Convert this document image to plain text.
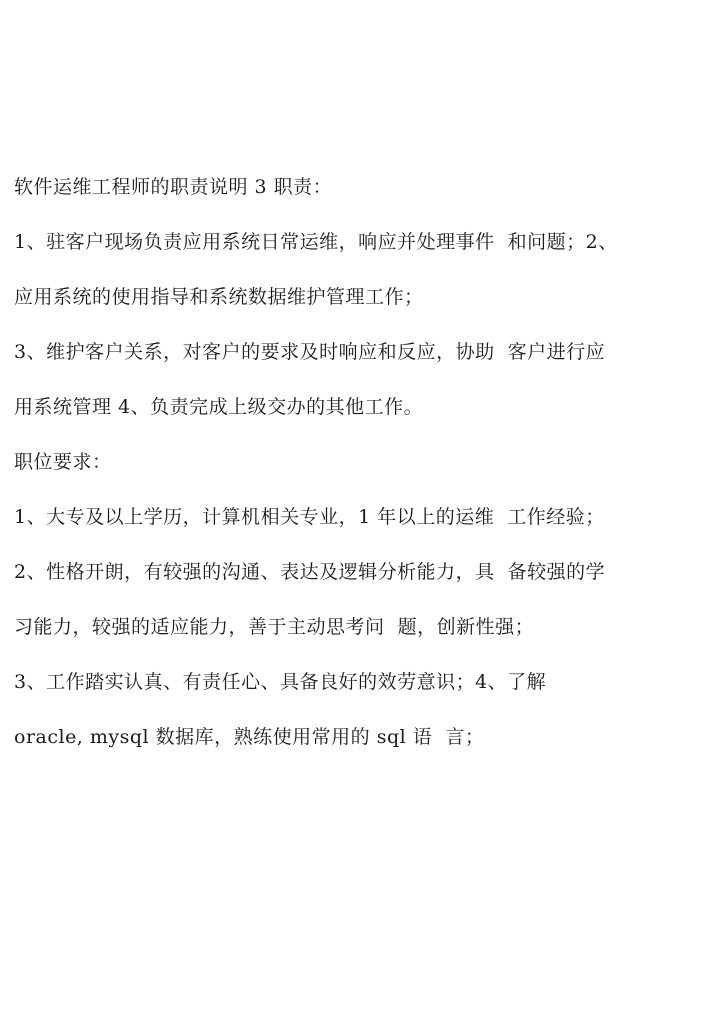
软件运维工程师的职责说明 3 职责：
1、驻客户现场负责应用系统日常运维，响应并处理事件  和问题；2、
应用系统的使用指导和系统数据维护管理工作；
3、维护客户关系，对客户的要求及时响应和反应，协助  客户进行应
用系统管理 4、负责完成上级交办的其他工作。
职位要求：
1、大专及以上学历，计算机相关专业，1 年以上的运维  工作经验；
2、性格开朗，有较强的沟通、表达及逻辑分析能力，具  备较强的学
习能力，较强的适应能力，善于主动思考问  题，创新性强；
3、工作踏实认真、有责任心、具备良好的效劳意识；4、了解
oracle, mysql 数据库，熟练使用常用的 sql 语  言；
